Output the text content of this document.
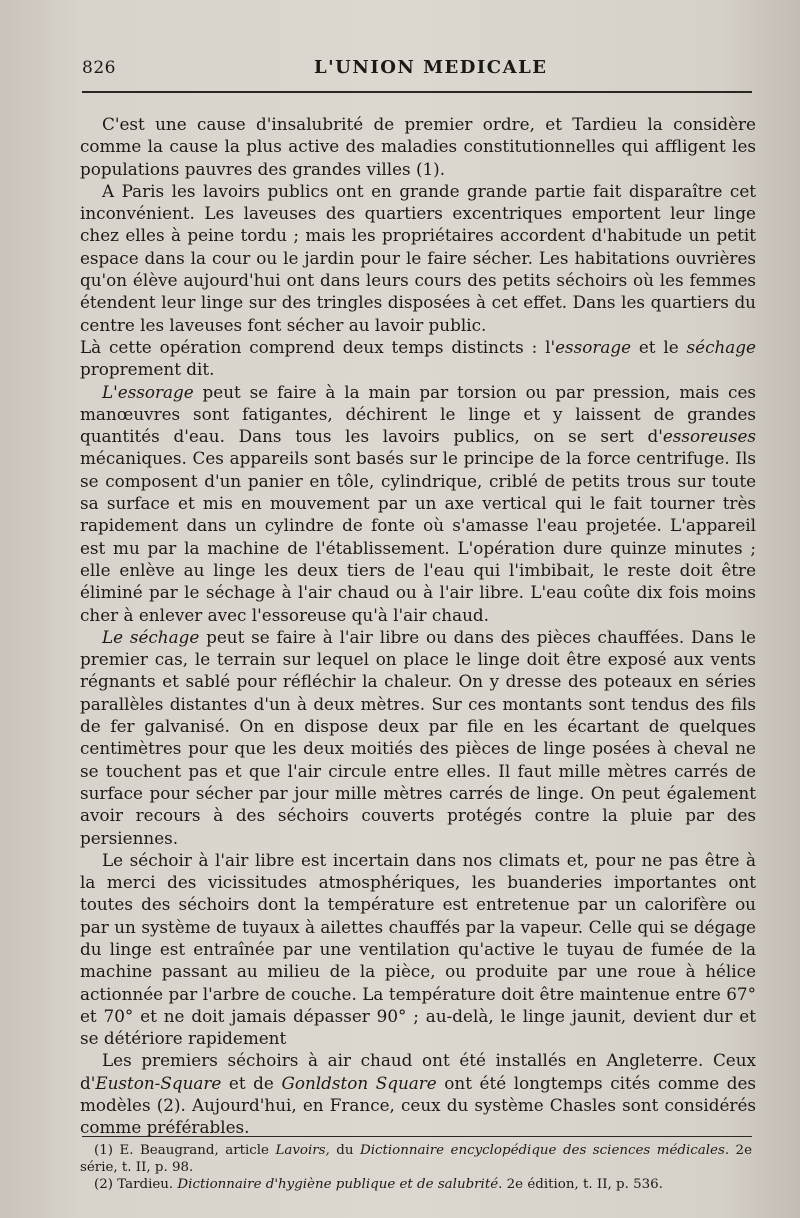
826	L'UNION MEDICALE

C'est une cause d'insalubrité de premier ordre, et Tardieu la considère comme la cause la plus active des maladies constitutionnelles qui affligent les populations pauvres des grandes villes (1).

A Paris les lavoirs publics ont en grande grande partie fait disparaître cet inconvénient. Les laveuses des quartiers excentriques emportent leur linge chez elles à peine tordu ; mais les propriétaires accordent d'habitude un petit espace dans la cour ou le jardin pour le faire sécher. Les habitations ouvrières qu'on élève aujourd'hui ont dans leurs cours des petits séchoirs où les femmes étendent leur linge sur des tringles disposées à cet effet. Dans les quartiers du centre les laveuses font sécher au lavoir public.

Là cette opération comprend deux temps distincts : l'essorage et le séchage proprement dit.

L'essorage peut se faire à la main par torsion ou par pression, mais ces manœuvres sont fatigantes, déchirent le linge et y laissent de grandes quantités d'eau. Dans tous les lavoirs publics, on se sert d'essoreuses mécaniques. Ces appareils sont basés sur le principe de la force centrifuge. Ils se composent d'un panier en tôle, cylindrique, criblé de petits trous sur toute sa surface et mis en mouvement par un axe vertical qui le fait tourner très rapidement dans un cylindre de fonte où s'amasse l'eau projetée. L'appareil est mu par la machine de l'établissement. L'opération dure quinze minutes ; elle enlève au linge les deux tiers de l'eau qui l'imbibait, le reste doit être éliminé par le séchage à l'air chaud ou à l'air libre. L'eau coûte dix fois moins cher à enlever avec l'essoreuse qu'à l'air chaud.

Le séchage peut se faire à l'air libre ou dans des pièces chauffées. Dans le premier cas, le terrain sur lequel on place le linge doit être exposé aux vents régnants et sablé pour réfléchir la chaleur. On y dresse des poteaux en séries parallèles distantes d'un à deux mètres. Sur ces montants sont tendus des fils de fer galvanisé. On en dispose deux par file en les écartant de quelques centimètres pour que les deux moitiés des pièces de linge posées à cheval ne se touchent pas et que l'air circule entre elles. Il faut mille mètres carrés de surface pour sécher par jour mille mètres carrés de linge. On peut également avoir recours à des séchoirs couverts protégés contre la pluie par des persiennes.

Le séchoir à l'air libre est incertain dans nos climats et, pour ne pas être à la merci des vicissitudes atmosphériques, les buanderies importantes ont toutes des séchoirs dont la température est entretenue par un calorifère ou par un système de tuyaux à ailettes chauffés par la vapeur. Celle qui se dégage du linge est entraînée par une ventilation qu'active le tuyau de fumée de la machine passant au milieu de la pièce, ou produite par une roue à hélice actionnée par l'arbre de couche. La température doit être maintenue entre 67° et 70° et ne doit jamais dépasser 90° ; au-delà, le linge jaunit, devient dur et se détériore rapidement

Les premiers séchoirs à air chaud ont été installés en Angleterre. Ceux d'Euston-Square et de Gonldston Square ont été longtemps cités comme des modèles (2). Aujourd'hui, en France, ceux du système Chasles sont considérés comme préférables.

(1) E. Beaugrand, article Lavoirs, du Dictionnaire encyclopédique des sciences médicales. 2e série, t. II, p. 98.

(2) Tardieu. Dictionnaire d'hygiène publique et de salubrité. 2e édition, t. II, p. 536.
